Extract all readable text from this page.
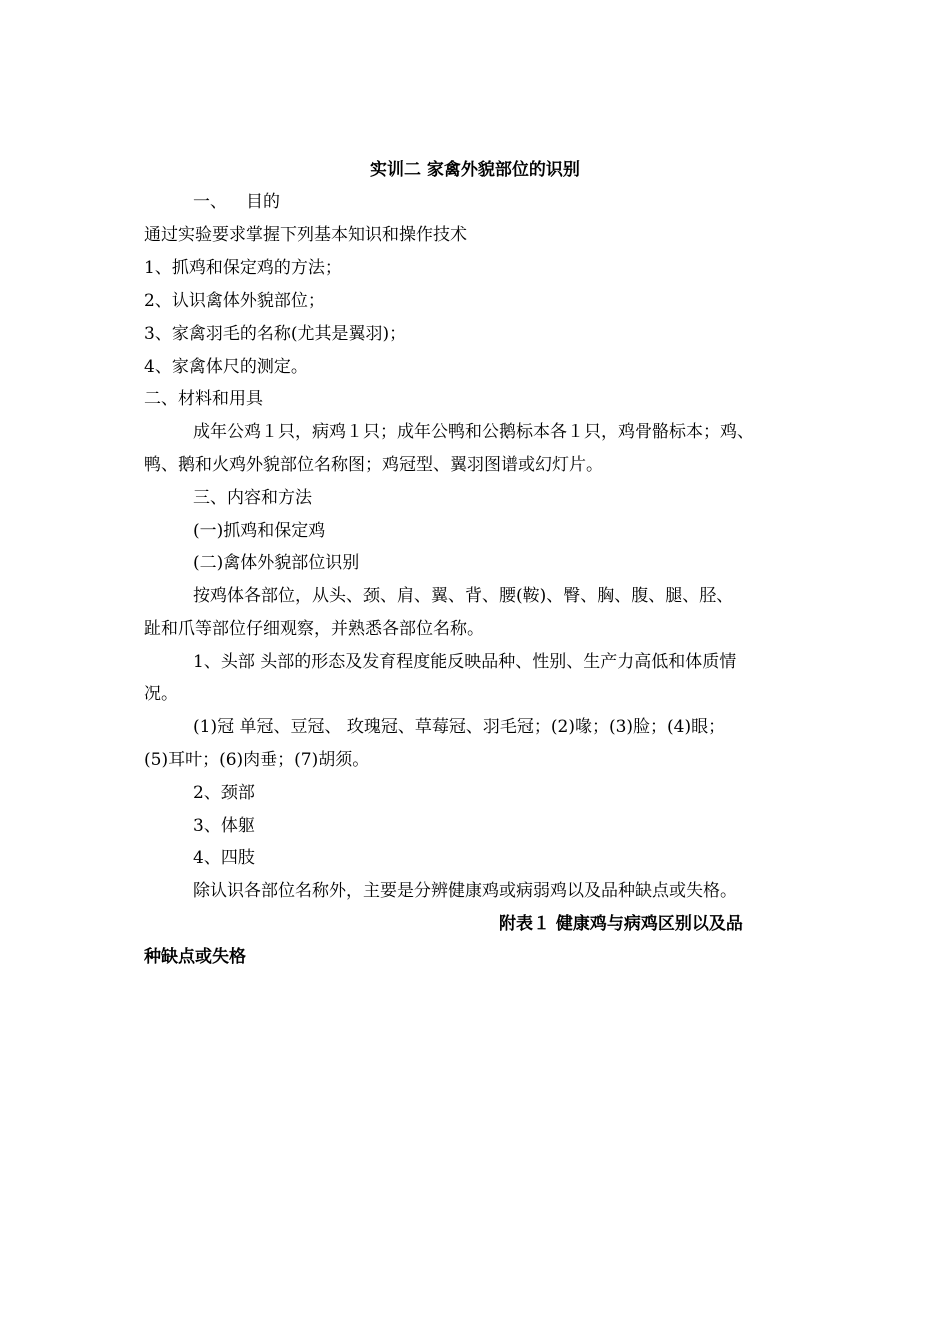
实训二 家禽外貌部位的识别
一、 目的
通过实验要求掌握下列基本知识和操作技术
1、抓鸡和保定鸡的方法；
2、认识禽体外貌部位；
3、家禽羽毛的名称(尤其是翼羽)；
4、家禽体尺的测定。
二、材料和用具
成年公鸡１只，病鸡１只；成年公鸭和公鹅标本各１只，鸡骨骼标本；鸡、
鸭、鹅和火鸡外貌部位名称图；鸡冠型、翼羽图谱或幻灯片。
三、内容和方法
(一)抓鸡和保定鸡
(二)禽体外貌部位识别
按鸡体各部位，从头、颈、肩、翼、背、腰(鞍)、臀、胸、腹、腿、胫、
趾和爪等部位仔细观察，并熟悉各部位名称。
1、头部 头部的形态及发育程度能反映品种、性别、生产力高低和体质情
况。
(1)冠 单冠、豆冠、 玫瑰冠、草莓冠、羽毛冠；(2)喙；(3)脸；(4)眼；
(5)耳叶；(6)肉垂；(7)胡须。
2、颈部
3、体躯
4、四肢
除认识各部位名称外，主要是分辨健康鸡或病弱鸡以及品种缺点或失格。
附表１ 健康鸡与病鸡区别以及品
种缺点或失格
